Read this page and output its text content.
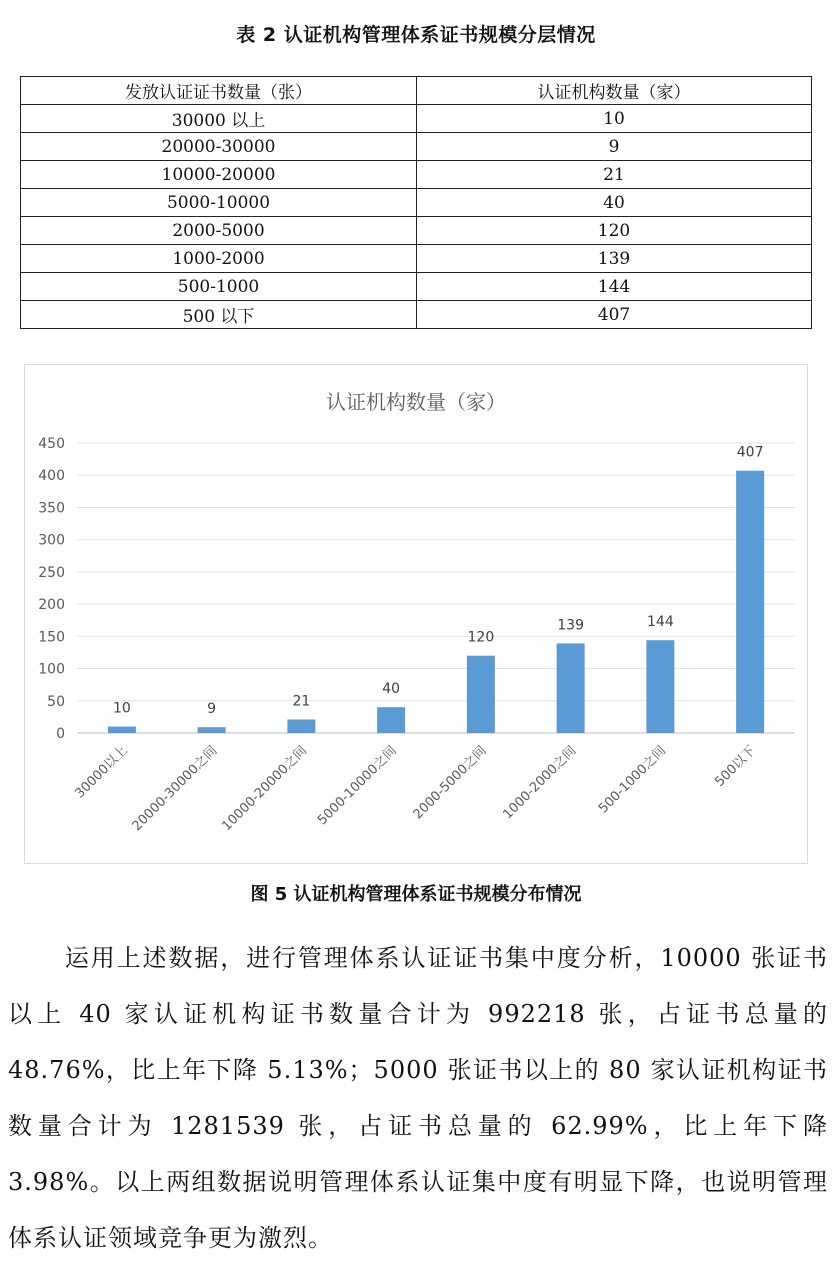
表 2 认证机构管理体系证书规模分层情况
发放认证证书数量（张）	认证机构数量（家）
30000 以上	10
20000-30000	9
10000-20000	21
5000-10000	40
2000-5000	120
1000-2000	139
500-1000	144
500 以下	407
认证机构数量（家）
0
50
100
150
200
250
300
350
400
450
10
30000以上
9
20000-30000之间
21
10000-20000之间
40
5000-10000之间
120
2000-5000之间
139
1000-2000之间
144
500-1000之间
407
500以下
图 5 认证机构管理体系证书规模分布情况
运用上述数据，进行管理体系认证证书集中度分析，10000 张证书以上 40 家认证机构证书数量合计为 992218 张，占证书总量的 48.76%，比上年下降 5.13%；5000 张证书以上的 80 家认证机构证书数量合计为 1281539 张，占证书总量的 62.99%，比上年下降 3.98%。以上两组数据说明管理体系认证集中度有明显下降，也说明管理体系认证领域竞争更为激烈。
